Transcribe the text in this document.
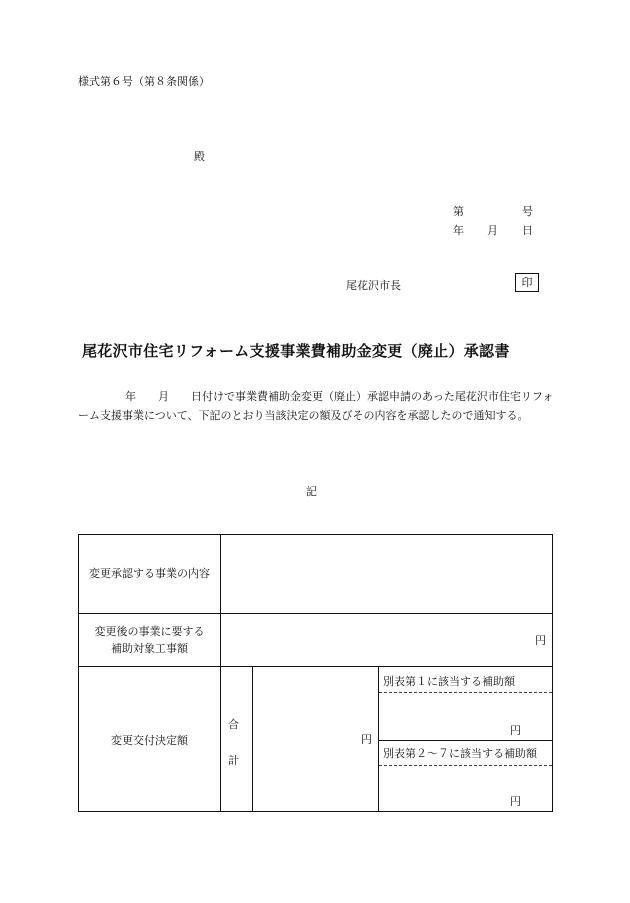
様式第６号（第８条関係）
殿
第	号
年 月 日
尾花沢市長	印
尾花沢市住宅リフォーム支援事業費補助金変更（廃止）承認書
年　　月　　日付けで事業費補助金変更（廃止）承認申請のあった尾花沢市住宅リフォーム支援事業について、下記のとおり当該決定の額及びその内容を承認したので通知する。
記
変更承認する事業の内容
変更後の事業に要する
補助対象工事額
円
変更交付決定額
合
計
円
別表第１に該当する補助額
円
別表第２～７に該当する補助額
円
